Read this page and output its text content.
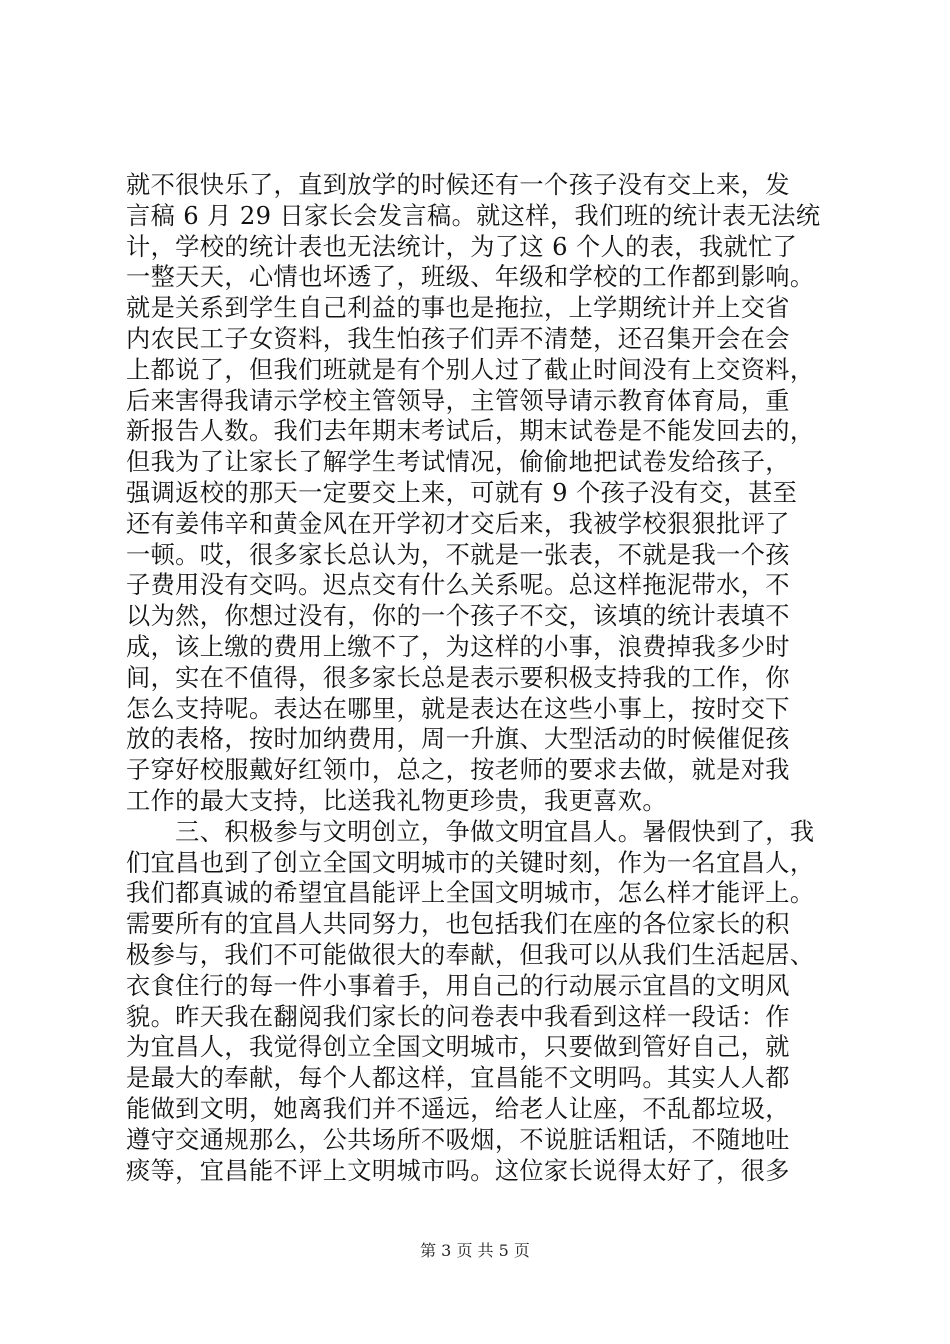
就不很快乐了，直到放学的时候还有一个孩子没有交上来，发
言稿 6 月 29 日家长会发言稿。就这样，我们班的统计表无法统
计，学校的统计表也无法统计，为了这 6 个人的表，我就忙了
一整天天，心情也坏透了，班级、年级和学校的工作都到影响。
就是关系到学生自己利益的事也是拖拉，上学期统计并上交省
内农民工子女资料，我生怕孩子们弄不清楚，还召集开会在会
上都说了，但我们班就是有个别人过了截止时间没有上交资料，
后来害得我请示学校主管领导，主管领导请示教育体育局，重
新报告人数。我们去年期末考试后，期末试卷是不能发回去的，
但我为了让家长了解学生考试情况，偷偷地把试卷发给孩子，
强调返校的那天一定要交上来，可就有 9 个孩子没有交，甚至
还有姜伟辛和黄金风在开学初才交后来，我被学校狠狠批评了
一顿。哎，很多家长总认为，不就是一张表，不就是我一个孩
子费用没有交吗。迟点交有什么关系呢。总这样拖泥带水，不
以为然，你想过没有，你的一个孩子不交，该填的统计表填不
成，该上缴的费用上缴不了，为这样的小事，浪费掉我多少时
间，实在不值得，很多家长总是表示要积极支持我的工作，你
怎么支持呢。表达在哪里，就是表达在这些小事上，按时交下
放的表格，按时加纳费用，周一升旗、大型活动的时候催促孩
子穿好校服戴好红领巾，总之，按老师的要求去做，就是对我
工作的最大支持，比送我礼物更珍贵，我更喜欢。
　　三、积极参与文明创立，争做文明宜昌人。暑假快到了，我
们宜昌也到了创立全国文明城市的关键时刻，作为一名宜昌人，
我们都真诚的希望宜昌能评上全国文明城市，怎么样才能评上。
需要所有的宜昌人共同努力，也包括我们在座的各位家长的积
极参与，我们不可能做很大的奉献，但我可以从我们生活起居、
衣食住行的每一件小事着手，用自己的行动展示宜昌的文明风
貌。昨天我在翻阅我们家长的问卷表中我看到这样一段话：作
为宜昌人，我觉得创立全国文明城市，只要做到管好自己，就
是最大的奉献，每个人都这样，宜昌能不文明吗。其实人人都
能做到文明，她离我们并不遥远，给老人让座，不乱都垃圾，
遵守交通规那么，公共场所不吸烟，不说脏话粗话，不随地吐
痰等，宜昌能不评上文明城市吗。这位家长说得太好了，很多
第 3 页 共 5 页
